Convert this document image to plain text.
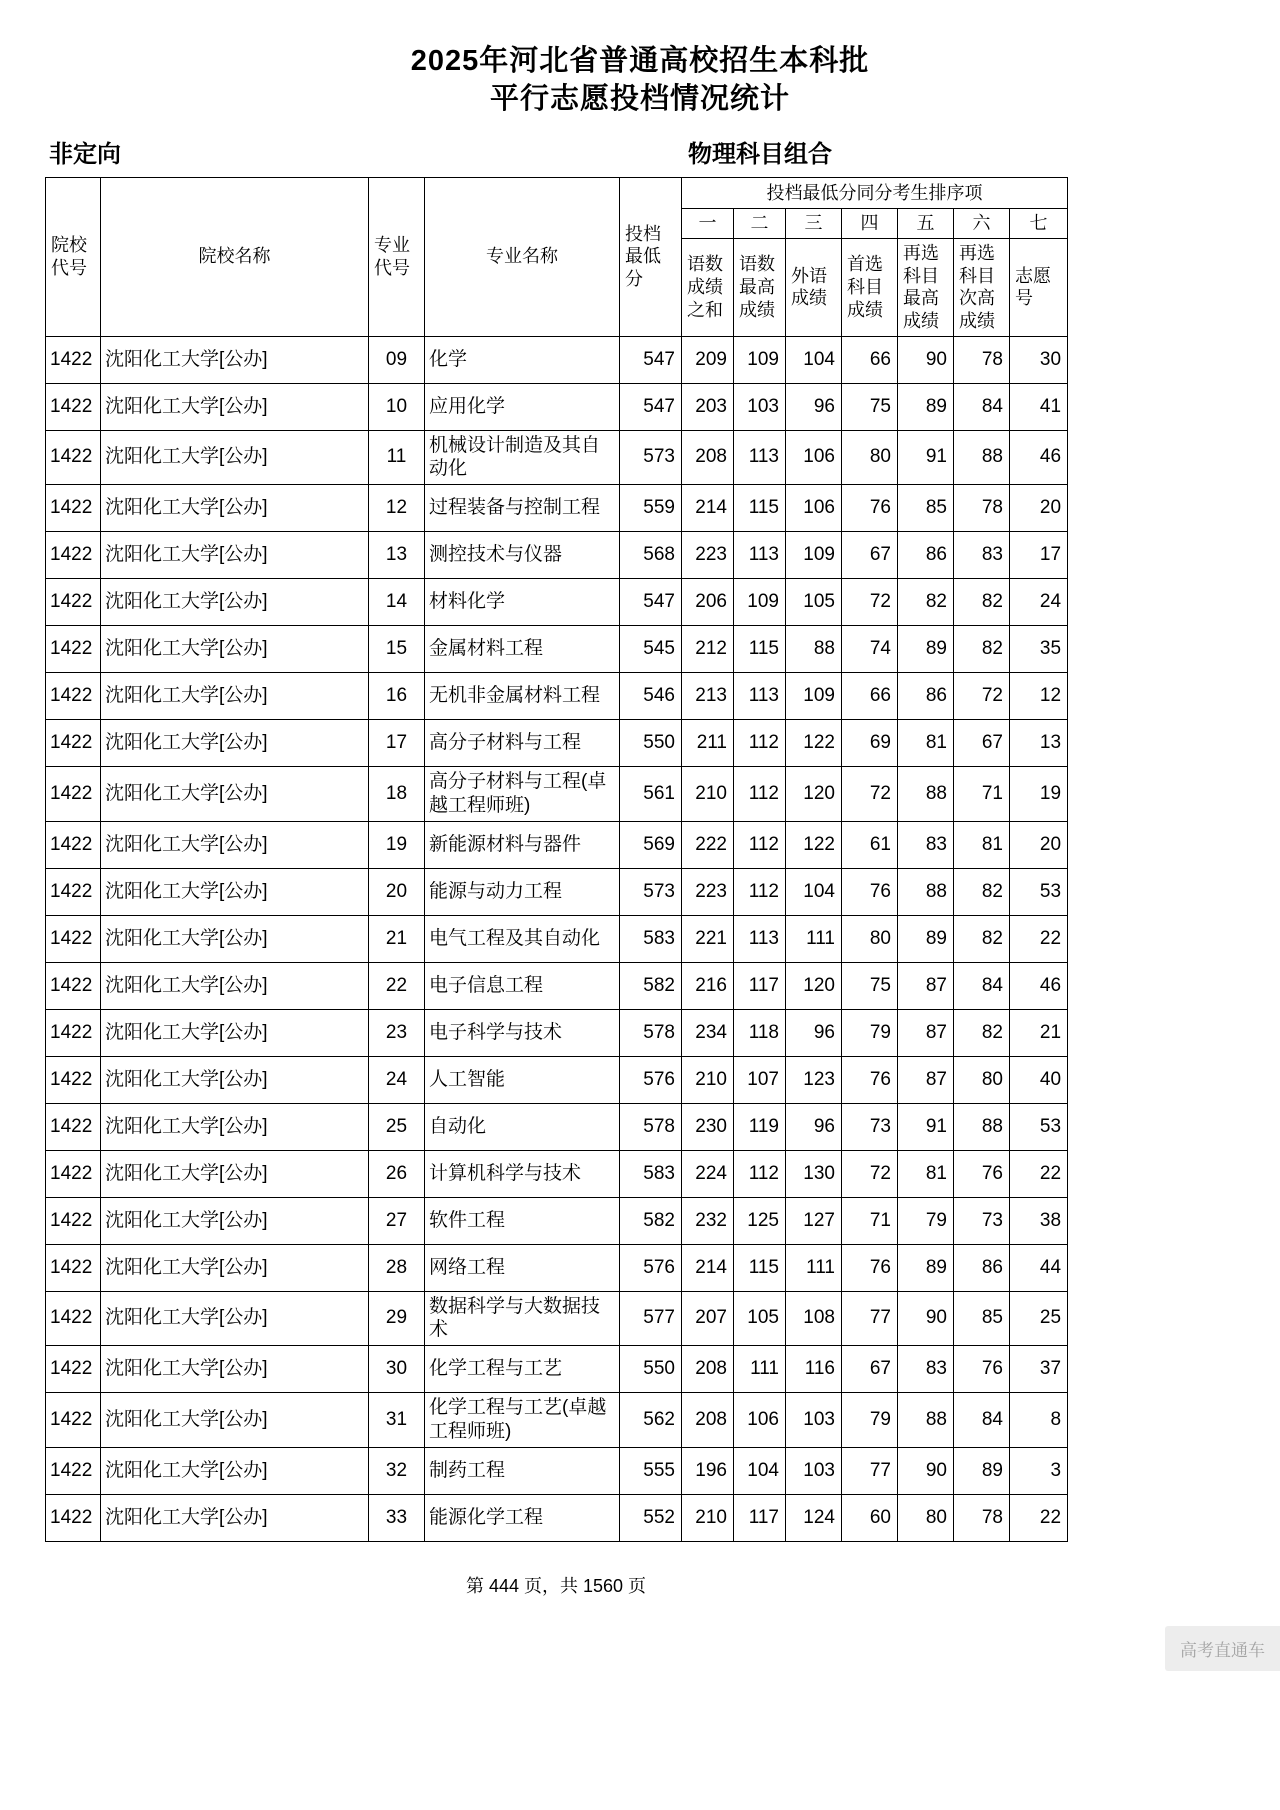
2025年河北省普通高校招生本科批
平行志愿投档情况统计
非定向	物理科目组合
院校代号	院校名称	专业代号	专业名称	投档最低分	投档最低分同分考生排序项						
					一	二	三	四	五	六	七
					语数成绩之和	语数最高成绩	外语成绩	首选科目成绩	再选科目最高成绩	再选科目次高成绩	志愿号
1422	沈阳化工大学[公办]	09	化学	547	209	109	104	66	90	78	30
1422	沈阳化工大学[公办]	10	应用化学	547	203	103	96	75	89	84	41
1422	沈阳化工大学[公办]	11	机械设计制造及其自动化	573	208	113	106	80	91	88	46
1422	沈阳化工大学[公办]	12	过程装备与控制工程	559	214	115	106	76	85	78	20
1422	沈阳化工大学[公办]	13	测控技术与仪器	568	223	113	109	67	86	83	17
1422	沈阳化工大学[公办]	14	材料化学	547	206	109	105	72	82	82	24
1422	沈阳化工大学[公办]	15	金属材料工程	545	212	115	88	74	89	82	35
1422	沈阳化工大学[公办]	16	无机非金属材料工程	546	213	113	109	66	86	72	12
1422	沈阳化工大学[公办]	17	高分子材料与工程	550	211	112	122	69	81	67	13
1422	沈阳化工大学[公办]	18	高分子材料与工程(卓越工程师班)	561	210	112	120	72	88	71	19
1422	沈阳化工大学[公办]	19	新能源材料与器件	569	222	112	122	61	83	81	20
1422	沈阳化工大学[公办]	20	能源与动力工程	573	223	112	104	76	88	82	53
1422	沈阳化工大学[公办]	21	电气工程及其自动化	583	221	113	111	80	89	82	22
1422	沈阳化工大学[公办]	22	电子信息工程	582	216	117	120	75	87	84	46
1422	沈阳化工大学[公办]	23	电子科学与技术	578	234	118	96	79	87	82	21
1422	沈阳化工大学[公办]	24	人工智能	576	210	107	123	76	87	80	40
1422	沈阳化工大学[公办]	25	自动化	578	230	119	96	73	91	88	53
1422	沈阳化工大学[公办]	26	计算机科学与技术	583	224	112	130	72	81	76	22
1422	沈阳化工大学[公办]	27	软件工程	582	232	125	127	71	79	73	38
1422	沈阳化工大学[公办]	28	网络工程	576	214	115	111	76	89	86	44
1422	沈阳化工大学[公办]	29	数据科学与大数据技术	577	207	105	108	77	90	85	25
1422	沈阳化工大学[公办]	30	化学工程与工艺	550	208	111	116	67	83	76	37
1422	沈阳化工大学[公办]	31	化学工程与工艺(卓越工程师班)	562	208	106	103	79	88	84	8
1422	沈阳化工大学[公办]	32	制药工程	555	196	104	103	77	90	89	3
1422	沈阳化工大学[公办]	33	能源化学工程	552	210	117	124	60	80	78	22
第 444 页，共 1560 页
高考直通车
